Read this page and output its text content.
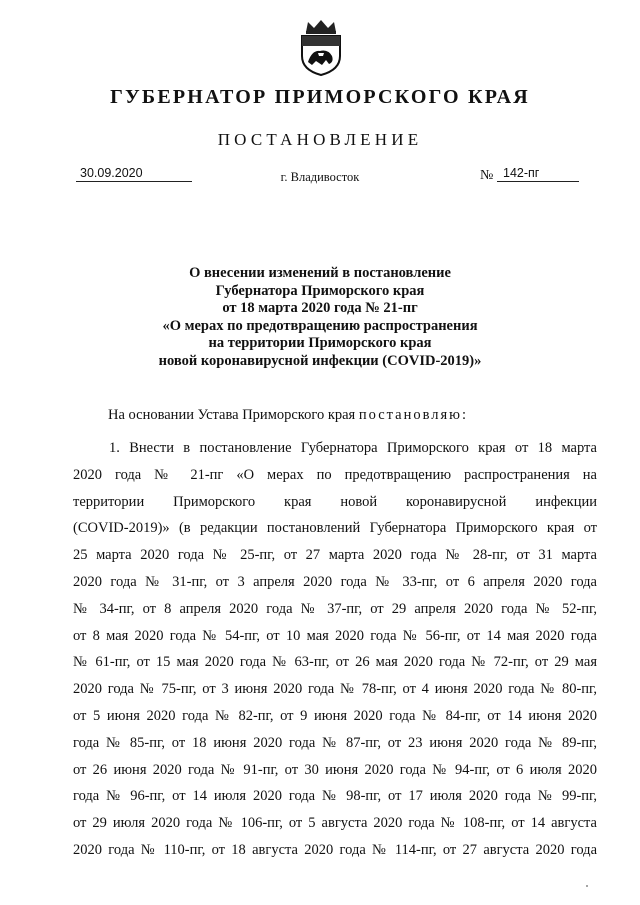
ГУБЕРНАТОР ПРИМОРСКОГО КРАЯ
ПОСТАНОВЛЕНИЕ
30.09.2020	г. Владивосток	№ 142-пг
О внесении изменений в постановление
Губернатора Приморского края
от 18 марта 2020 года № 21-пг
«О мерах по предотвращению распространения
на территории Приморского края
новой коронавирусной инфекции (COVID-2019)»
На основании Устава Приморского края постановляю:
1. Внести в постановление Губернатора Приморского края от 18 марта
2020 года № 21-пг «О мерах по предотвращению распространения на
территории Приморского края новой коронавирусной инфекции
(COVID-2019)» (в редакции постановлений Губернатора Приморского края от
25 марта 2020 года № 25-пг, от 27 марта 2020 года № 28-пг, от 31 марта
2020 года № 31-пг, от 3 апреля 2020 года № 33-пг, от 6 апреля 2020 года
№ 34-пг, от 8 апреля 2020 года № 37-пг, от 29 апреля 2020 года № 52-пг,
от 8 мая 2020 года № 54-пг, от 10 мая 2020 года № 56-пг, от 14 мая 2020 года
№ 61-пг, от 15 мая 2020 года № 63-пг, от 26 мая 2020 года № 72-пг, от 29 мая
2020 года № 75-пг, от 3 июня 2020 года № 78-пг, от 4 июня 2020 года № 80-пг,
от 5 июня 2020 года № 82-пг, от 9 июня 2020 года № 84-пг, от 14 июня 2020
года № 85-пг, от 18 июня 2020 года № 87-пг, от 23 июня 2020 года № 89-пг,
от 26 июня 2020 года № 91-пг, от 30 июня 2020 года № 94-пг, от 6 июля 2020
года № 96-пг, от 14 июля 2020 года № 98-пг, от 17 июля 2020 года № 99-пг,
от 29 июля 2020 года № 106-пг, от 5 августа 2020 года № 108-пг, от 14 августа
2020 года № 110-пг, от 18 августа 2020 года № 114-пг, от 27 августа 2020 года
